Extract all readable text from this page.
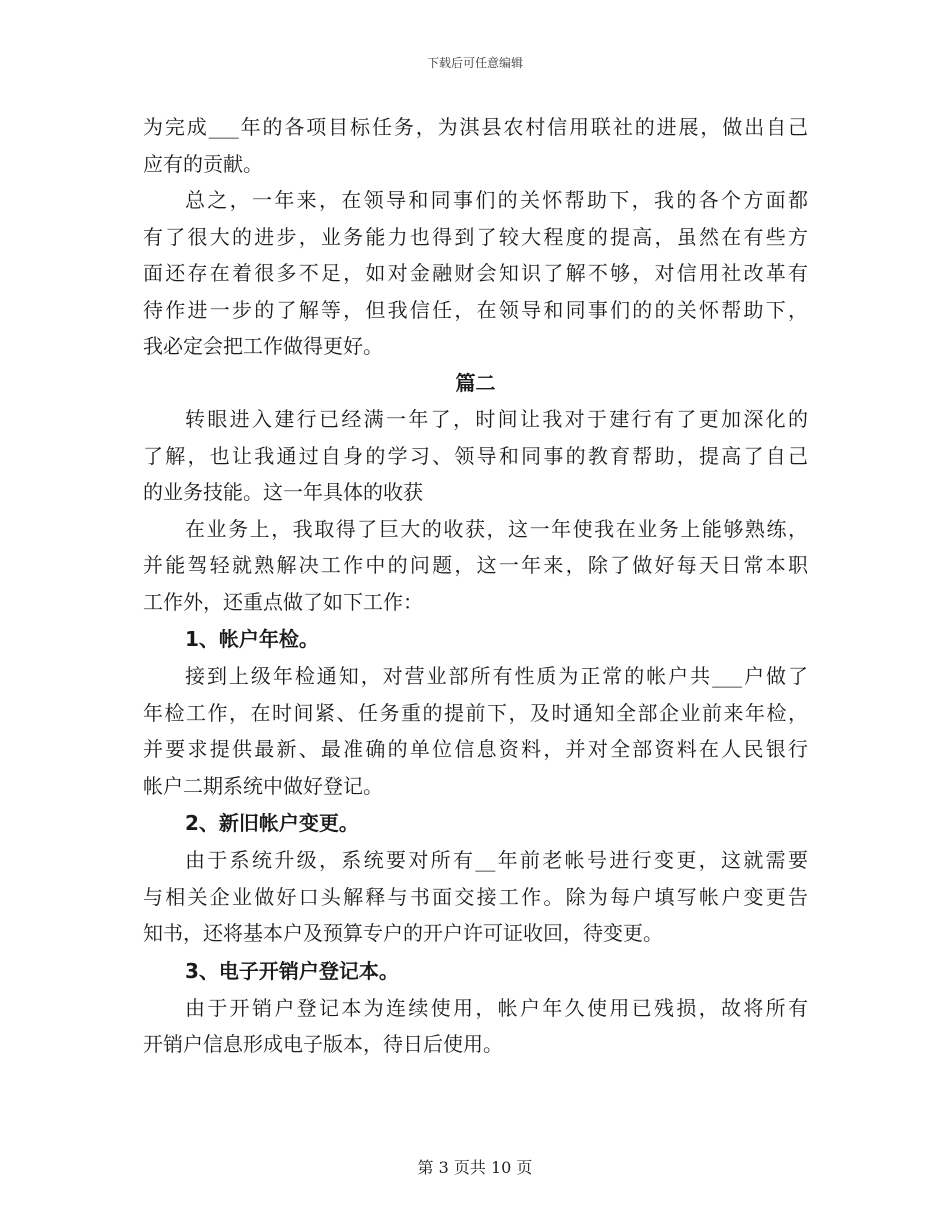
下载后可任意编辑
为完成___年的各项目标任务，为淇县农村信用联社的进展，做出自己
应有的贡献。
总之，一年来，在领导和同事们的关怀帮助下，我的各个方面都
有了很大的进步，业务能力也得到了较大程度的提高，虽然在有些方
面还存在着很多不足，如对金融财会知识了解不够，对信用社改革有
待作进一步的了解等，但我信任，在领导和同事们的的关怀帮助下，
我必定会把工作做得更好。
篇二
转眼进入建行已经满一年了，时间让我对于建行有了更加深化的
了解，也让我通过自身的学习、领导和同事的教育帮助，提高了自己
的业务技能。这一年具体的收获
在业务上，我取得了巨大的收获，这一年使我在业务上能够熟练，
并能驾轻就熟解决工作中的问题，这一年来，除了做好每天日常本职
工作外，还重点做了如下工作：
1、帐户年检。
接到上级年检通知，对营业部所有性质为正常的帐户共___户做了
年检工作，在时间紧、任务重的提前下，及时通知全部企业前来年检，
并要求提供最新、最准确的单位信息资料，并对全部资料在人民银行
帐户二期系统中做好登记。
2、新旧帐户变更。
由于系统升级，系统要对所有__年前老帐号进行变更，这就需要
与相关企业做好口头解释与书面交接工作。除为每户填写帐户变更告
知书，还将基本户及预算专户的开户许可证收回，待变更。
3、电子开销户登记本。
由于开销户登记本为连续使用，帐户年久使用已残损，故将所有
开销户信息形成电子版本，待日后使用。
第 3 页共 10 页
